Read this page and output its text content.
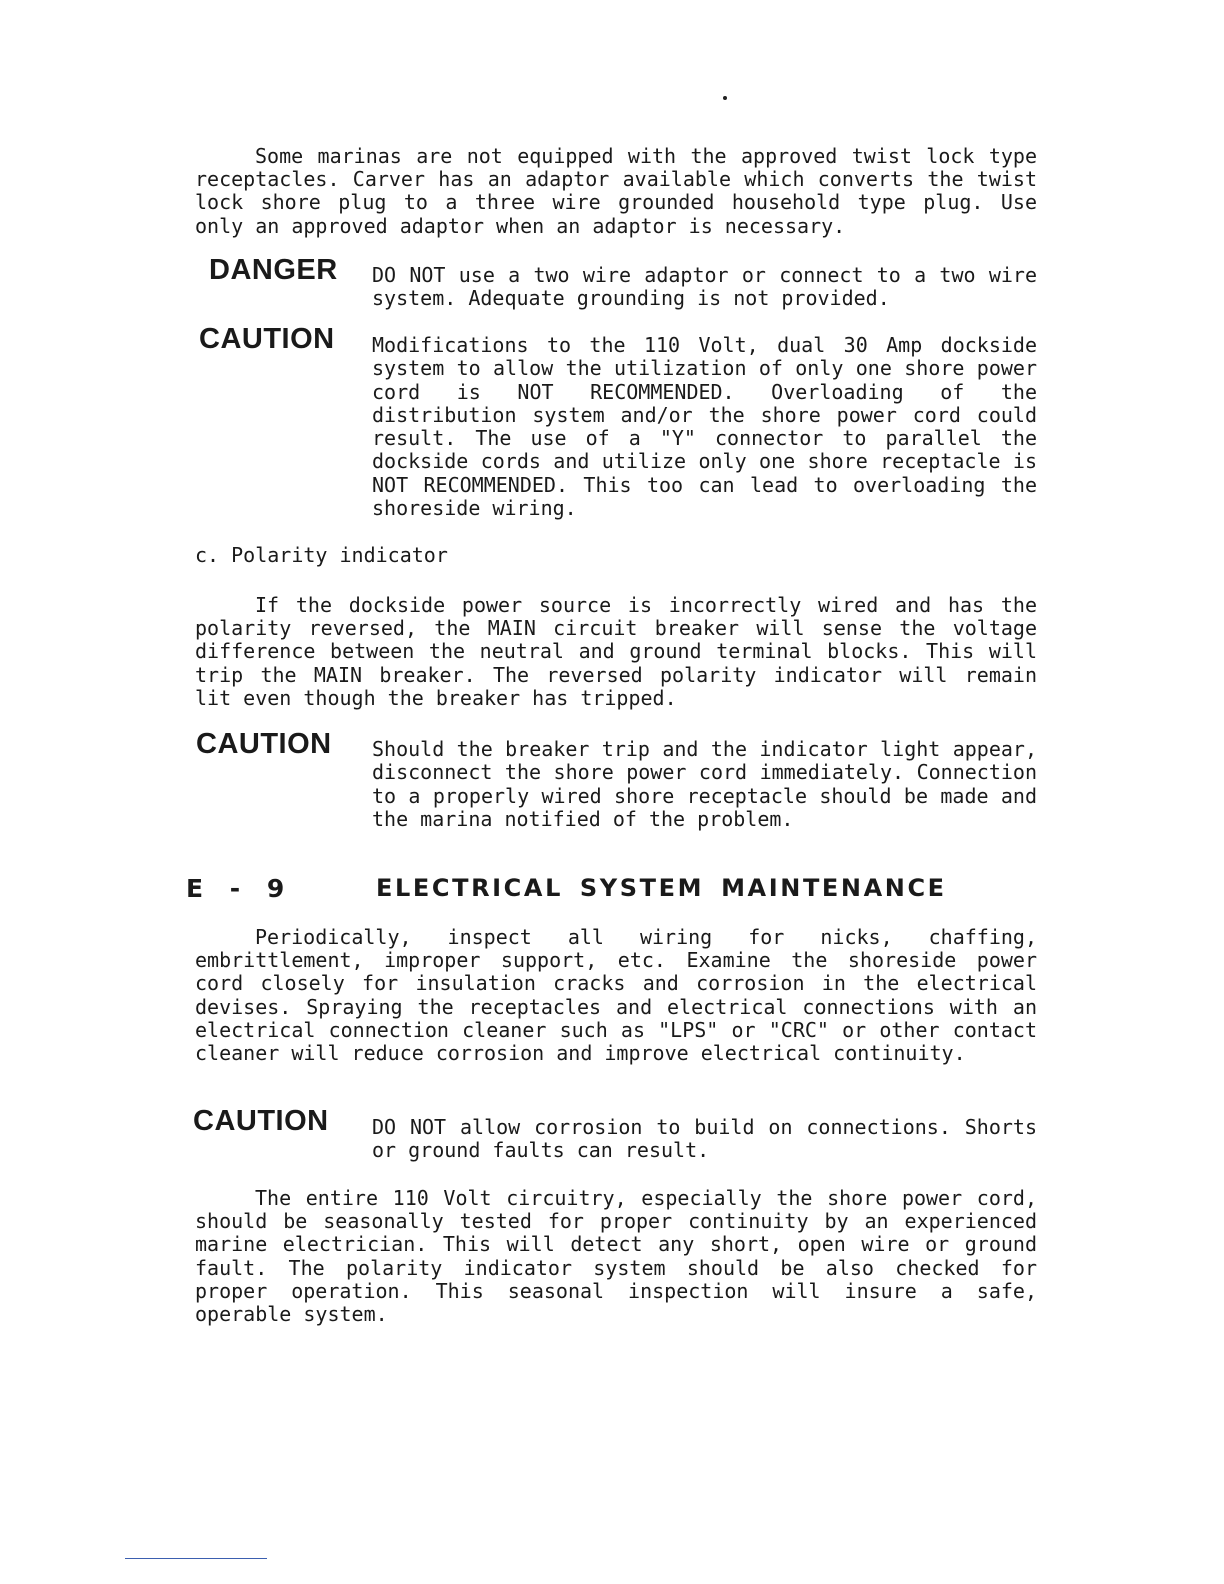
Some marinas are not equipped with the approved twist lock type receptacles. Carver has an adaptor available which converts the twist lock shore plug to a three wire grounded household type plug. Use only an approved adaptor when an adaptor is necessary.

DANGER DO NOT use a two wire adaptor or connect to a two wire system. Adequate grounding is not provided.

CAUTION Modifications to the 110 Volt, dual 30 Amp dockside system to allow the utilization of only one shore power cord is NOT RECOMMENDED. Overloading of the distribution system and/or the shore power cord could result. The use of a "Y" connector to parallel the dockside cords and utilize only one shore receptacle is NOT RECOMMENDED. This too can lead to overloading the shoreside wiring.

c. Polarity indicator

If the dockside power source is incorrectly wired and has the polarity reversed, the MAIN circuit breaker will sense the voltage difference between the neutral and ground terminal blocks. This will trip the MAIN breaker. The reversed polarity indicator will remain lit even though the breaker has tripped.

CAUTION Should the breaker trip and the indicator light appear, disconnect the shore power cord immediately. Connection to a properly wired shore receptacle should be made and the marina notified of the problem.

E - 9	ELECTRICAL SYSTEM MAINTENANCE

Periodically, inspect all wiring for nicks, chaffing, embrittlement, improper support, etc. Examine the shoreside power cord closely for insulation cracks and corrosion in the electrical devises. Spraying the receptacles and electrical connections with an electrical connection cleaner such as "LPS" or "CRC" or other contact cleaner will reduce corrosion and improve electrical continuity.

CAUTION DO NOT allow corrosion to build on connections. Shorts or ground faults can result.

The entire 110 Volt circuitry, especially the shore power cord, should be seasonally tested for proper continuity by an experienced marine electrician. This will detect any short, open wire or ground fault. The polarity indicator system should be also checked for proper operation. This seasonal inspection will insure a safe, operable system.
